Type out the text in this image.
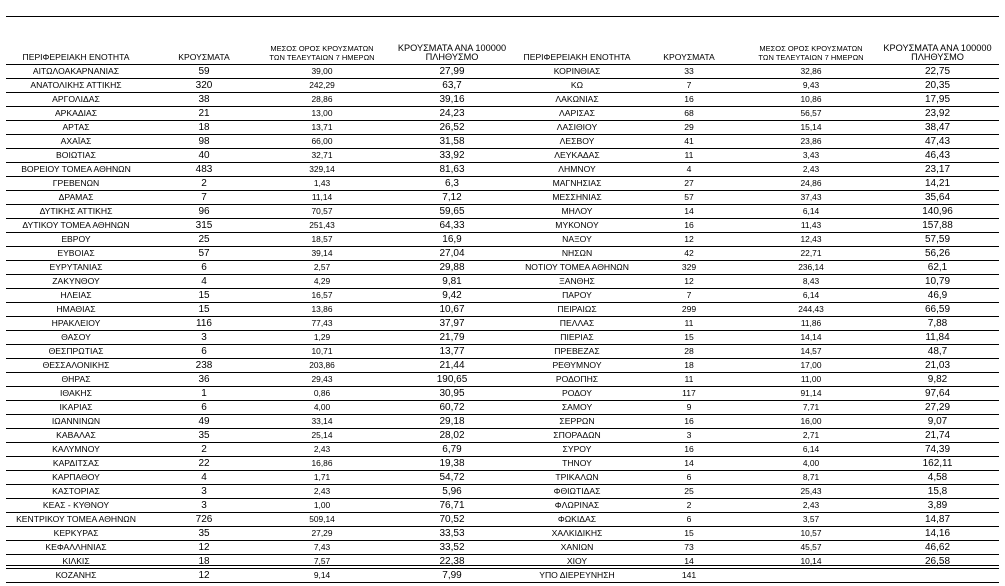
ΠΕΡΙΦΕΡΕΙΑΚΗ ΕΝΟΤΗΤΑ	ΚΡΟΥΣΜΑΤΑ	ΜΕΣΟΣ ΟΡΟΣ ΚΡΟΥΣΜΑΤΩΝ
ΤΩΝ ΤΕΛΕΥΤΑΙΩΝ 7 ΗΜΕΡΩΝ	ΚΡΟΥΣΜΑΤΑ ΑΝΑ 100000
ΠΛΗΘΥΣΜΟ	ΠΕΡΙΦΕΡΕΙΑΚΗ ΕΝΟΤΗΤΑ	ΚΡΟΥΣΜΑΤΑ	ΜΕΣΟΣ ΟΡΟΣ ΚΡΟΥΣΜΑΤΩΝ
ΤΩΝ ΤΕΛΕΥΤΑΙΩΝ 7 ΗΜΕΡΩΝ	ΚΡΟΥΣΜΑΤΑ ΑΝΑ 100000
ΠΛΗΘΥΣΜΟ
ΑΙΤΩΛΟΑΚΑΡΝΑΝΙΑΣ	59	39,00	27,99	ΚΟΡΙΝΘΙΑΣ	33	32,86	22,75
ΑΝΑΤΟΛΙΚΗΣ ΑΤΤΙΚΗΣ	320	242,29	63,7	ΚΩ	7	9,43	20,35
ΑΡΓΟΛΙΔΑΣ	38	28,86	39,16	ΛΑΚΩΝΙΑΣ	16	10,86	17,95
ΑΡΚΑΔΙΑΣ	21	13,00	24,23	ΛΑΡΙΣΑΣ	68	56,57	23,92
ΑΡΤΑΣ	18	13,71	26,52	ΛΑΣΙΘΙΟΥ	29	15,14	38,47
ΑΧΑΪΑΣ	98	66,00	31,58	ΛΕΣΒΟΥ	41	23,86	47,43
ΒΟΙΩΤΙΑΣ	40	32,71	33,92	ΛΕΥΚΑΔΑΣ	11	3,43	46,43
ΒΟΡΕΙΟΥ ΤΟΜΕΑ ΑΘΗΝΩΝ	483	329,14	81,63	ΛΗΜΝΟΥ	4	2,43	23,17
ΓΡΕΒΕΝΩΝ	2	1,43	6,3	ΜΑΓΝΗΣΙΑΣ	27	24,86	14,21
ΔΡΑΜΑΣ	7	11,14	7,12	ΜΕΣΣΗΝΙΑΣ	57	37,43	35,64
ΔΥΤΙΚΗΣ ΑΤΤΙΚΗΣ	96	70,57	59,65	ΜΗΛΟΥ	14	6,14	140,96
ΔΥΤΙΚΟΥ ΤΟΜΕΑ ΑΘΗΝΩΝ	315	251,43	64,33	ΜΥΚΟΝΟΥ	16	11,43	157,88
ΕΒΡΟΥ	25	18,57	16,9	ΝΑΞΟΥ	12	12,43	57,59
ΕΥΒΟΙΑΣ	57	39,14	27,04	ΝΗΣΩΝ	42	22,71	56,26
ΕΥΡΥΤΑΝΙΑΣ	6	2,57	29,88	ΝΟΤΙΟΥ ΤΟΜΕΑ ΑΘΗΝΩΝ	329	236,14	62,1
ΖΑΚΥΝΘΟΥ	4	4,29	9,81	ΞΑΝΘΗΣ	12	8,43	10,79
ΗΛΕΙΑΣ	15	16,57	9,42	ΠΑΡΟΥ	7	6,14	46,9
ΗΜΑΘΙΑΣ	15	13,86	10,67	ΠΕΙΡΑΙΩΣ	299	244,43	66,59
ΗΡΑΚΛΕΙΟΥ	116	77,43	37,97	ΠΕΛΛΑΣ	11	11,86	7,88
ΘΑΣΟΥ	3	1,29	21,79	ΠΙΕΡΙΑΣ	15	14,14	11,84
ΘΕΣΠΡΩΤΙΑΣ	6	10,71	13,77	ΠΡΕΒΕΖΑΣ	28	14,57	48,7
ΘΕΣΣΑΛΟΝΙΚΗΣ	238	203,86	21,44	ΡΕΘΥΜΝΟΥ	18	17,00	21,03
ΘΗΡΑΣ	36	29,43	190,65	ΡΟΔΟΠΗΣ	11	11,00	9,82
ΙΘΑΚΗΣ	1	0,86	30,95	ΡΟΔΟΥ	117	91,14	97,64
ΙΚΑΡΙΑΣ	6	4,00	60,72	ΣΑΜΟΥ	9	7,71	27,29
ΙΩΑΝΝΙΝΩΝ	49	33,14	29,18	ΣΕΡΡΩΝ	16	16,00	9,07
ΚΑΒΑΛΑΣ	35	25,14	28,02	ΣΠΟΡΑΔΩΝ	3	2,71	21,74
ΚΑΛΥΜΝΟΥ	2	2,43	6,79	ΣΥΡΟΥ	16	6,14	74,39
ΚΑΡΔΙΤΣΑΣ	22	16,86	19,38	ΤΗΝΟΥ	14	4,00	162,11
ΚΑΡΠΑΘΟΥ	4	1,71	54,72	ΤΡΙΚΑΛΩΝ	6	8,71	4,58
ΚΑΣΤΟΡΙΑΣ	3	2,43	5,96	ΦΘΙΩΤΙΔΑΣ	25	25,43	15,8
ΚΕΑΣ - ΚΥΘΝΟΥ	3	1,00	76,71	ΦΛΩΡΙΝΑΣ	2	2,43	3,89
ΚΕΝΤΡΙΚΟΥ ΤΟΜΕΑ ΑΘΗΝΩΝ	726	509,14	70,52	ΦΩΚΙΔΑΣ	6	3,57	14,87
ΚΕΡΚΥΡΑΣ	35	27,29	33,53	ΧΑΛΚΙΔΙΚΗΣ	15	10,57	14,16
ΚΕΦΑΛΛΗΝΙΑΣ	12	7,43	33,52	ΧΑΝΙΩΝ	73	45,57	46,62
ΚΙΛΚΙΣ	18	7,57	22,38	ΧΙΟΥ	14	10,14	26,58
ΚΟΖΑΝΗΣ	12	9,14	7,99	ΥΠΟ ΔΙΕΡΕΥΝΗΣΗ	141		
